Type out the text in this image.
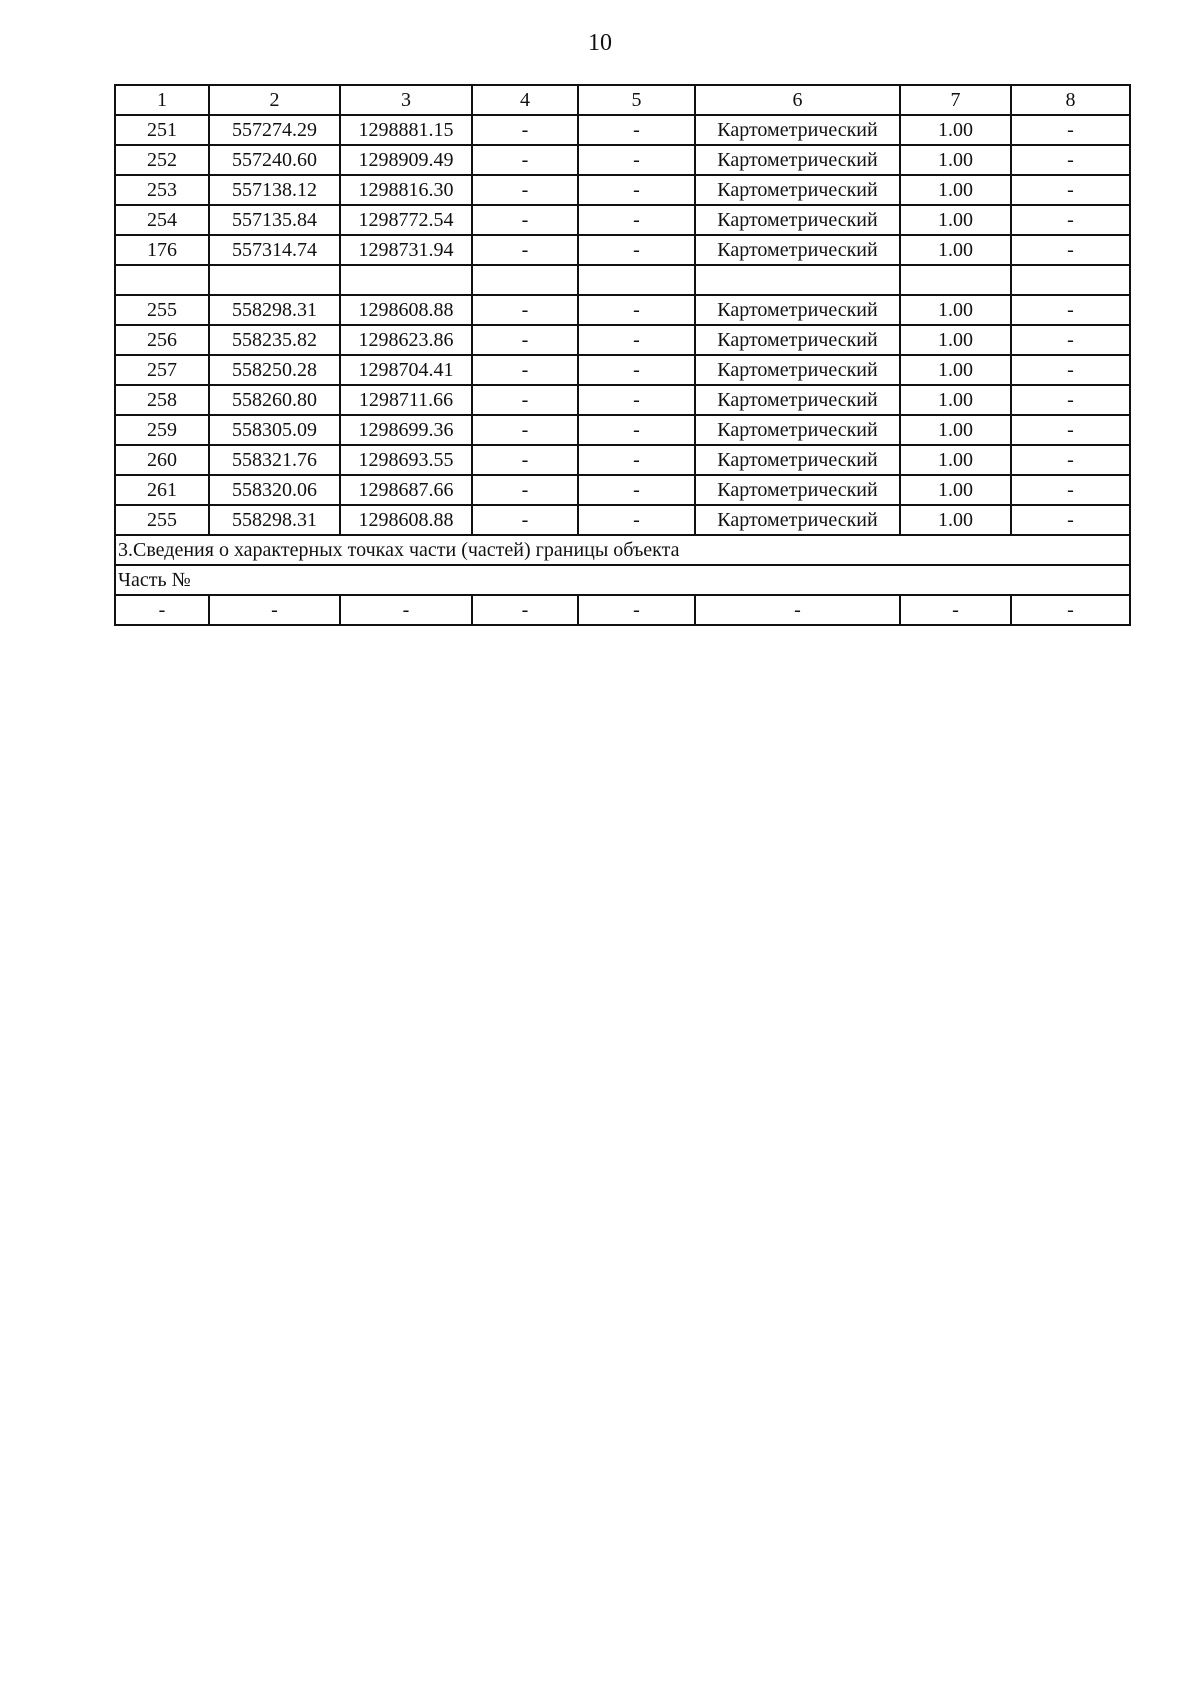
10
1	2	3	4	5	6	7	8
251	557274.29	1298881.15	-	-	Картометрический	1.00	-
252	557240.60	1298909.49	-	-	Картометрический	1.00	-
253	557138.12	1298816.30	-	-	Картометрический	1.00	-
254	557135.84	1298772.54	-	-	Картометрический	1.00	-
176	557314.74	1298731.94	-	-	Картометрический	1.00	-

255	558298.31	1298608.88	-	-	Картометрический	1.00	-
256	558235.82	1298623.86	-	-	Картометрический	1.00	-
257	558250.28	1298704.41	-	-	Картометрический	1.00	-
258	558260.80	1298711.66	-	-	Картометрический	1.00	-
259	558305.09	1298699.36	-	-	Картометрический	1.00	-
260	558321.76	1298693.55	-	-	Картометрический	1.00	-
261	558320.06	1298687.66	-	-	Картометрический	1.00	-
255	558298.31	1298608.88	-	-	Картометрический	1.00	-
3.Сведения о характерных точках части (частей) границы объекта							
Часть №							
-	-	-	-	-	-	-	-
